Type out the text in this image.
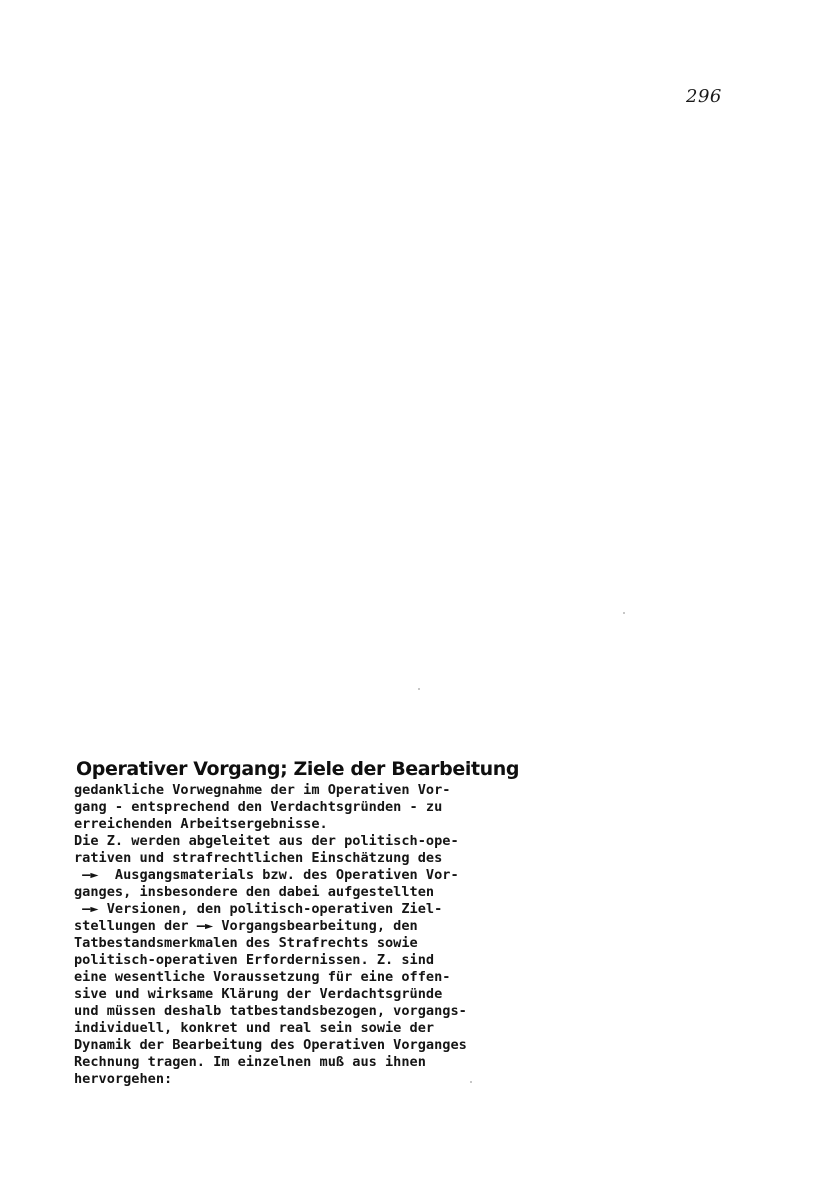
296
Operativer Vorgang; Ziele der Bearbeitung
gedankliche Vorwegnahme der im Operativen Vor-
gang - entsprechend den Verdachtsgründen - zu
erreichenden Arbeitsergebnisse.
Die Z. werden abgeleitet aus der politisch-ope-
rativen und strafrechtlichen Einschätzung des
—►  Ausgangsmaterials bzw. des Operativen Vor-
ganges, insbesondere den dabei aufgestellten
—► Versionen, den politisch-operativen Ziel-
stellungen der —► Vorgangsbearbeitung, den
Tatbestandsmerkmalen des Strafrechts sowie
politisch-operativen Erfordernissen. Z. sind
eine wesentliche Voraussetzung für eine offen-
sive und wirksame Klärung der Verdachtsgründe
und müssen deshalb tatbestandsbezogen, vorgangs-
individuell, konkret und real sein sowie der
Dynamik der Bearbeitung des Operativen Vorganges
Rechnung tragen. Im einzelnen muß aus ihnen
hervorgehen:
